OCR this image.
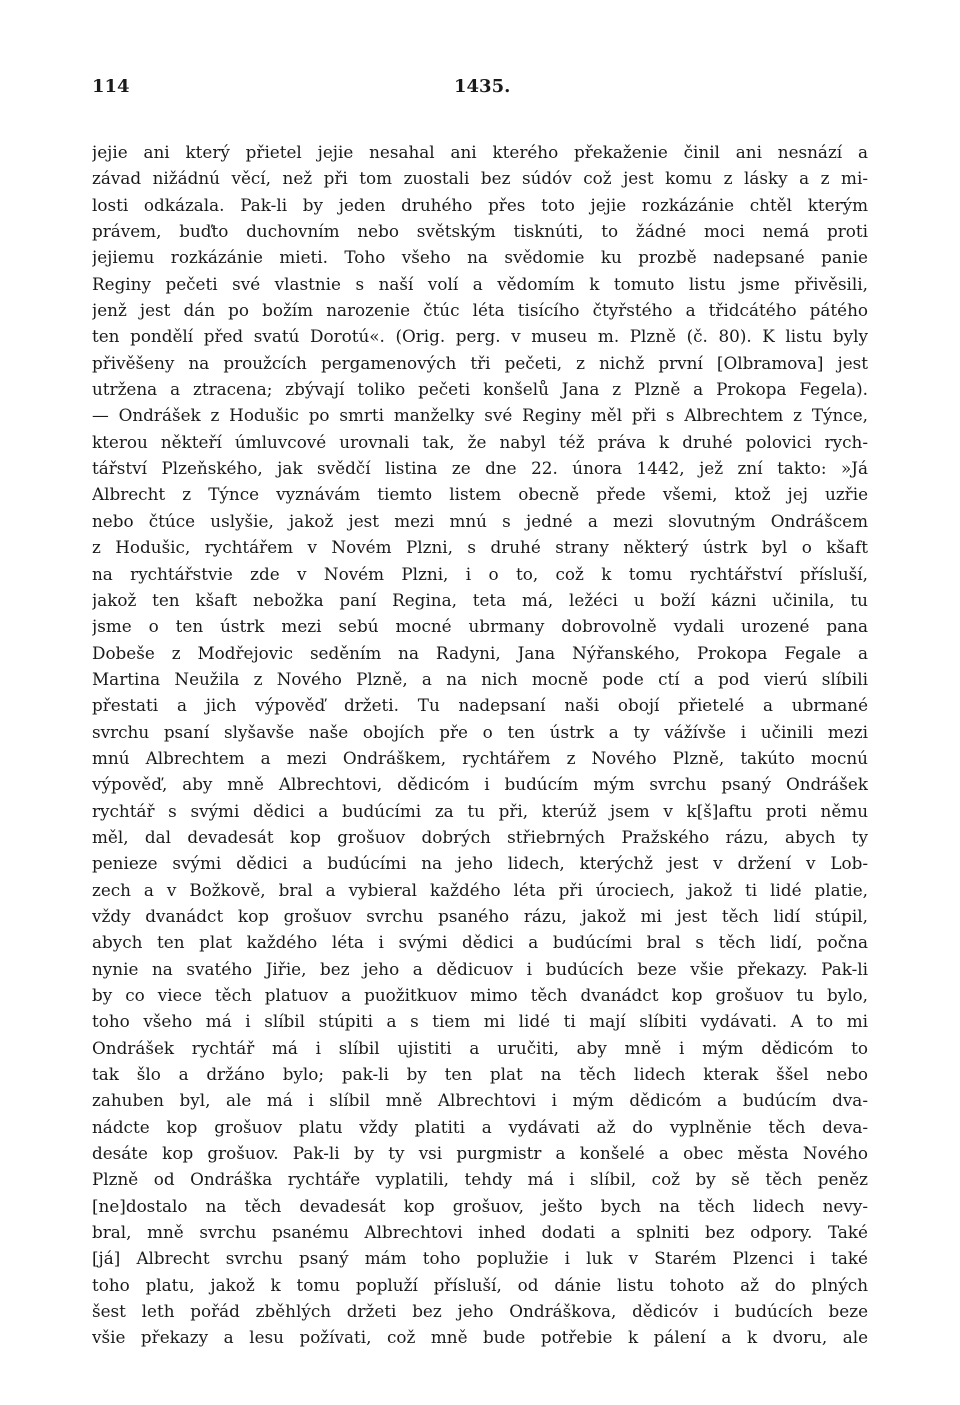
114	1435.
jejie ani který přietel jejie nesahal ani kterého překaženie činil ani nesnází a
závad nižádnú věcí, než při tom zuostali bez súdóv což jest komu z lásky a z mi-
losti odkázala. Pak-li by jeden druhého přes toto jejie rozkázánie chtěl kterým
právem, buďto duchovním nebo světským tisknúti, to žádné moci nemá proti
jejiemu rozkázánie mieti. Toho všeho na svědomie ku prozbě nadepsané panie
Reginy pečeti své vlastnie s naší volí a vědomím k tomuto listu jsme přivěsili,
jenž jest dán po božím narozenie čtúc léta tisícího čtyřstého a třidcátého pátého
ten pondělí před svatú Dorotú«. (Orig. perg. v museu m. Plzně (č. 80). K listu byly
přivěšeny na proužcích pergamenových tři pečeti, z nichž první [Olbramova] jest
utržena a ztracena; zbývají toliko pečeti konšelů Jana z Plzně a Prokopa Fegela).
— Ondrášek z Hodušic po smrti manželky své Reginy měl při s Albrechtem z Týnce,
kterou někteří úmluvcové urovnali tak, že nabyl též práva k druhé polovici rych-
tářství Plzeňského, jak svědčí listina ze dne 22. února 1442, jež zní takto: »Já
Albrecht z Týnce vyznávám tiemto listem obecně přede všemi, ktož jej uzřie
nebo čtúce uslyšie, jakož jest mezi mnú s jedné a mezi slovutným Ondrášcem
z Hodušic, rychtářem v Novém Plzni, s druhé strany některý ústrk byl o kšaft
na rychtářstvie zde v Novém Plzni, i o to, což k tomu rychtářství přísluší,
jakož ten kšaft nebožka paní Regina, teta má, ležéci u boží kázni učinila, tu
jsme o ten ústrk mezi sebú mocné ubrmany dobrovolně vydali urozené pana
Dobeše z Modřejovic seděním na Radyni, Jana Nýřanského, Prokopa Fegale a
Martina Neužila z Nového Plzně, a na nich mocně pode ctí a pod vierú slíbili
přestati a jich výpověď držeti. Tu nadepsaní naši obojí přietelé a ubrmané
svrchu psaní slyšavše naše obojích pře o ten ústrk a ty vážívše i učinili mezi
mnú Albrechtem a mezi Ondráškem, rychtářem z Nového Plzně, takúto mocnú
výpověď, aby mně Albrechtovi, dědicóm i budúcím mým svrchu psaný Ondrášek
rychtář s svými dědici a budúcími za tu při, kterúž jsem v k[š]aftu proti němu
měl, dal devadesát kop grošuov dobrých střiebrných Pražského rázu, abych ty
penieze svými dědici a budúcími na jeho lidech, kterýchž jest v držení v Lob-
zech a v Božkově, bral a vybieral každého léta při úrociech, jakož ti lidé platie,
vždy dvanádct kop grošuov svrchu psaného rázu, jakož mi jest těch lidí stúpil,
abych ten plat každého léta i svými dědici a budúcími bral s těch lidí, počna
nynie na svatého Jiřie, bez jeho a dědicuov i budúcích beze všie překazy. Pak-li
by co viece těch platuov a puožitkuov mimo těch dvanádct kop grošuov tu bylo,
toho všeho má i slíbil stúpiti a s tiem mi lidé ti mají slíbiti vydávati. A to mi
Ondrášek rychtář má i slíbil ujistiti a uručiti, aby mně i mým dědicóm to
tak šlo a držáno bylo; pak-li by ten plat na těch lidech kterak ššel nebo
zahuben byl, ale má i slíbil mně Albrechtovi i mým dědicóm a budúcím dva-
nádcte kop grošuov platu vždy platiti a vydávati až do vyplněnie těch deva-
desáte kop grošuov. Pak-li by ty vsi purgmistr a konšelé a obec města Nového
Plzně od Ondráška rychtáře vyplatili, tehdy má i slíbil, což by sě těch peněz
[ne]dostalo na těch devadesát kop grošuov, ješto bych na těch lidech nevy-
bral, mně svrchu psanému Albrechtovi inhed dodati a splniti bez odpory. Také
[já] Albrecht svrchu psaný mám toho poplužie i luk v Starém Plzenci i také
toho platu, jakož k tomu popluží přísluší, od dánie listu tohoto až do plných
šest leth pořád zběhlých držeti bez jeho Ondráškova, dědicóv i budúcích beze
všie překazy a lesu požívati, což mně bude potřebie k pálení a k dvoru, ale
